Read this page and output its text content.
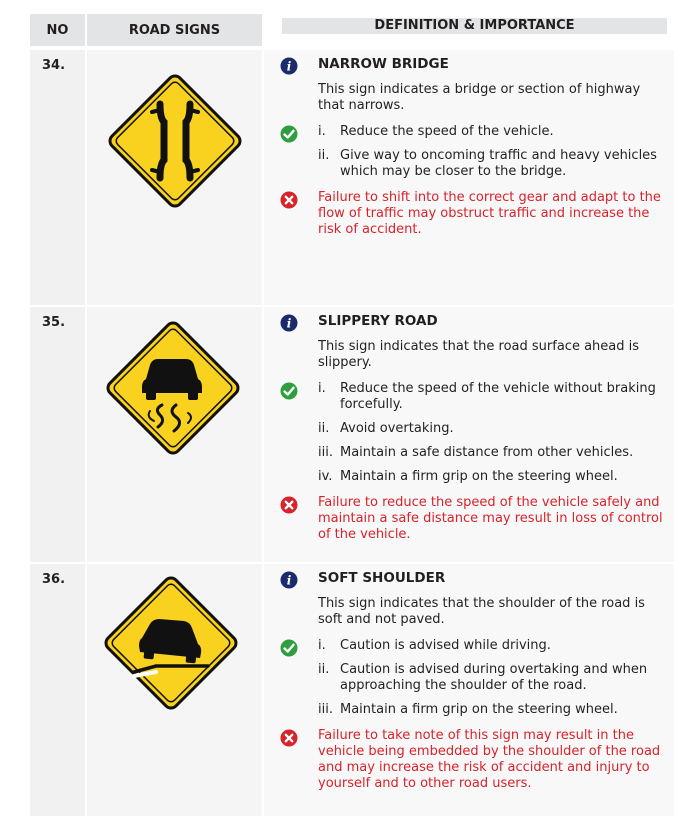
NO	ROAD SIGNS	DEFINITION & IMPORTANCE
34.	i NARROW BRIDGE
This sign indicates a bridge or section of highway that narrows.
i.	Reduce the speed of the vehicle.
ii. Give way to oncoming traffic and heavy vehicles which may be closer to the bridge.
Failure to shift into the correct gear and adapt to the flow of traffic may obstruct traffic and increase the risk of accident.
35.	i SLIPPERY ROAD
This sign indicates that the road surface ahead is slippery.
i.	Reduce the speed of the vehicle without braking forcefully.
ii. Avoid overtaking.
iii. Maintain a safe distance from other vehicles.
iv. Maintain a firm grip on the steering wheel.
Failure to reduce the speed of the vehicle safely and maintain a safe distance may result in loss of control of the vehicle.
36.	i SOFT SHOULDER
This sign indicates that the shoulder of the road is soft and not paved.
i.	Caution is advised while driving.
ii. Caution is advised during overtaking and when approaching the shoulder of the road.
iii. Maintain a firm grip on the steering wheel.
Failure to take note of this sign may result in the vehicle being embedded by the shoulder of the road and may increase the risk of accident and injury to yourself and to other road users.
